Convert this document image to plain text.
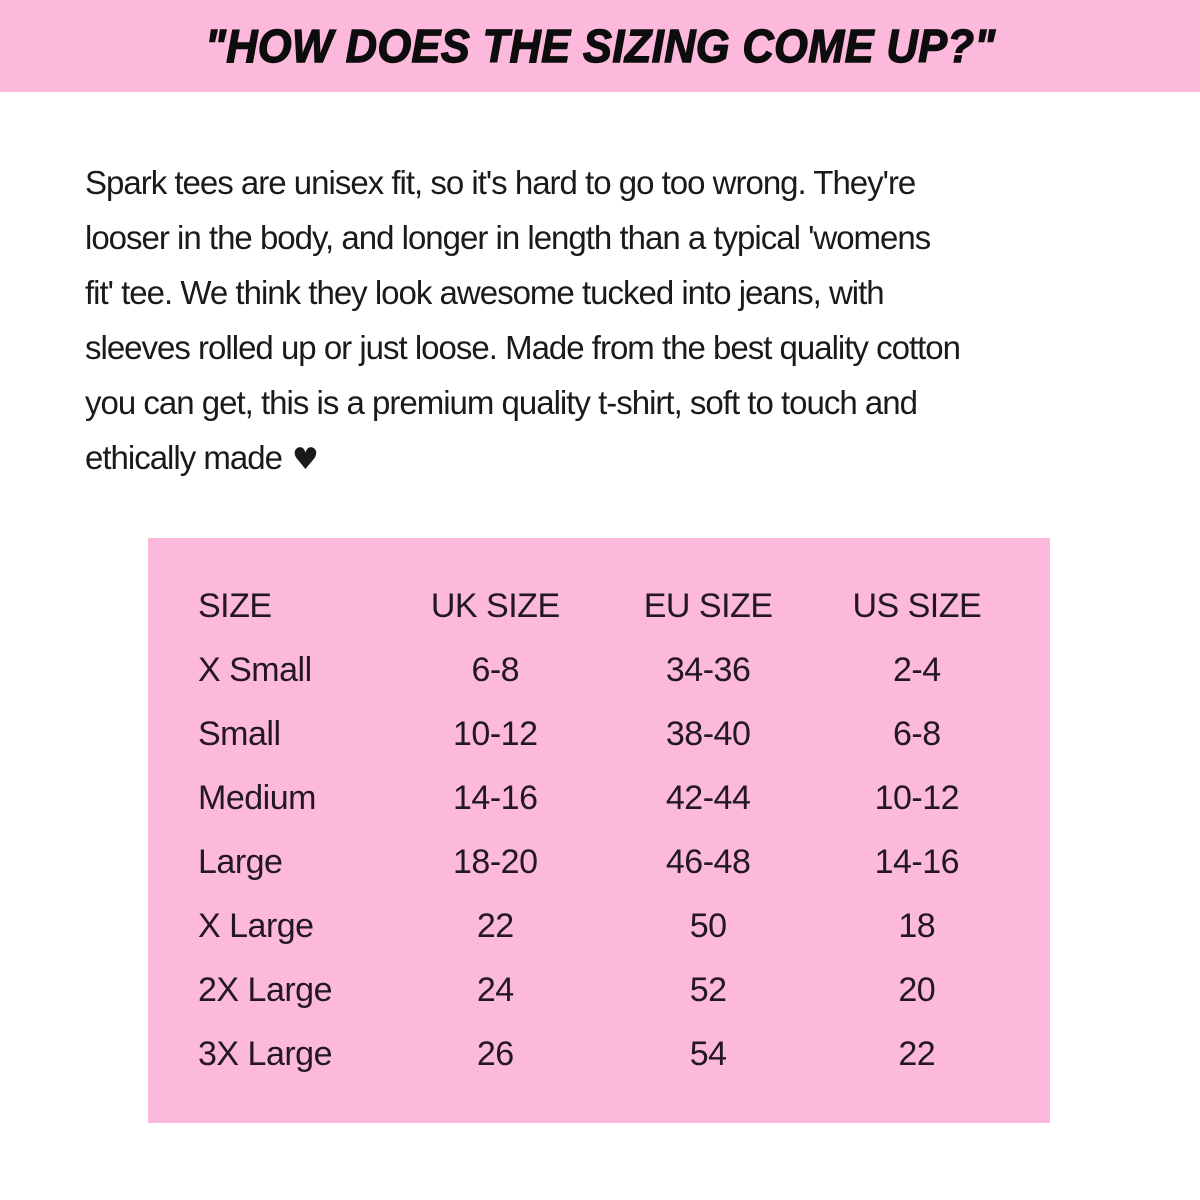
"HOW DOES THE SIZING COME UP?"
Spark tees are unisex fit, so it's hard to go too wrong. They're
looser in the body, and longer in length than a typical 'womens
fit' tee. We think they look awesome tucked into jeans, with
sleeves rolled up or just loose. Made from the best quality cotton
you can get, this is a premium quality t-shirt, soft to touch and
ethically made ♥
SIZE	UK SIZE	EU SIZE	US SIZE
X Small	6-8	34-36	2-4
Small	10-12	38-40	6-8
Medium	14-16	42-44	10-12
Large	18-20	46-48	14-16
X Large	22	50	18
2X Large	24	52	20
3X Large	26	54	22
